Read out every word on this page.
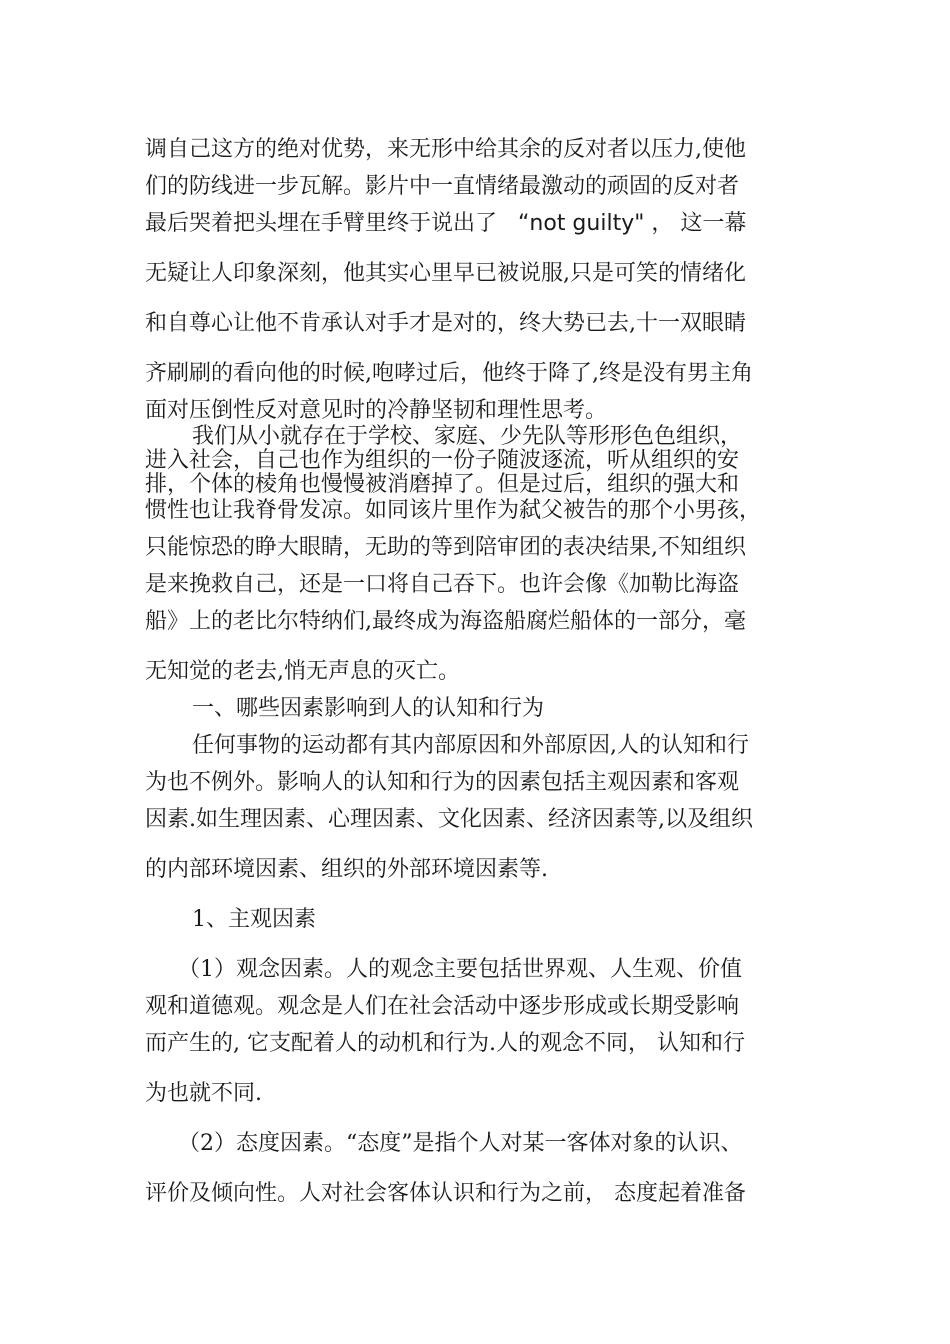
调自己这方的绝对优势，来无形中给其余的反对者以压力,使他
们的防线进一步瓦解。影片中一直情绪最激动的顽固的反对者
最后哭着把头埋在手臂里终于说出了 “not guilty" ， 这一幕
无疑让人印象深刻，他其实心里早已被说服,只是可笑的情绪化
和自尊心让他不肯承认对手才是对的，终大势已去,十一双眼睛
齐刷刷的看向他的时候,咆哮过后，他终于降了,终是没有男主角
面对压倒性反对意见时的冷静坚韧和理性思考。
我们从小就存在于学校、家庭、少先队等形形色色组织，
进入社会，自己也作为组织的一份子随波逐流，听从组织的安
排，个体的棱角也慢慢被消磨掉了。但是过后，组织的强大和
惯性也让我脊骨发凉。如同该片里作为弑父被告的那个小男孩，
只能惊恐的睁大眼睛，无助的等到陪审团的表决结果,不知组织
是来挽救自己，还是一口将自己吞下。也许会像《加勒比海盗
船》上的老比尔特纳们,最终成为海盗船腐烂船体的一部分，毫
无知觉的老去,悄无声息的灭亡。
一、哪些因素影响到人的认知和行为
任何事物的运动都有其内部原因和外部原因,人的认知和行
为也不例外。影响人的认知和行为的因素包括主观因素和客观
因素.如生理因素、心理因素、文化因素、经济因素等,以及组织
的内部环境因素、组织的外部环境因素等.
1、主观因素
（1）观念因素。人的观念主要包括世界观、人生观、价值
观和道德观。观念是人们在社会活动中逐步形成或长期受影响
而产生的, 它支配着人的动机和行为.人的观念不同， 认知和行
为也就不同.
（2）态度因素。“态度”是指个人对某一客体对象的认识、
评价及倾向性。人对社会客体认识和行为之前， 态度起着准备
